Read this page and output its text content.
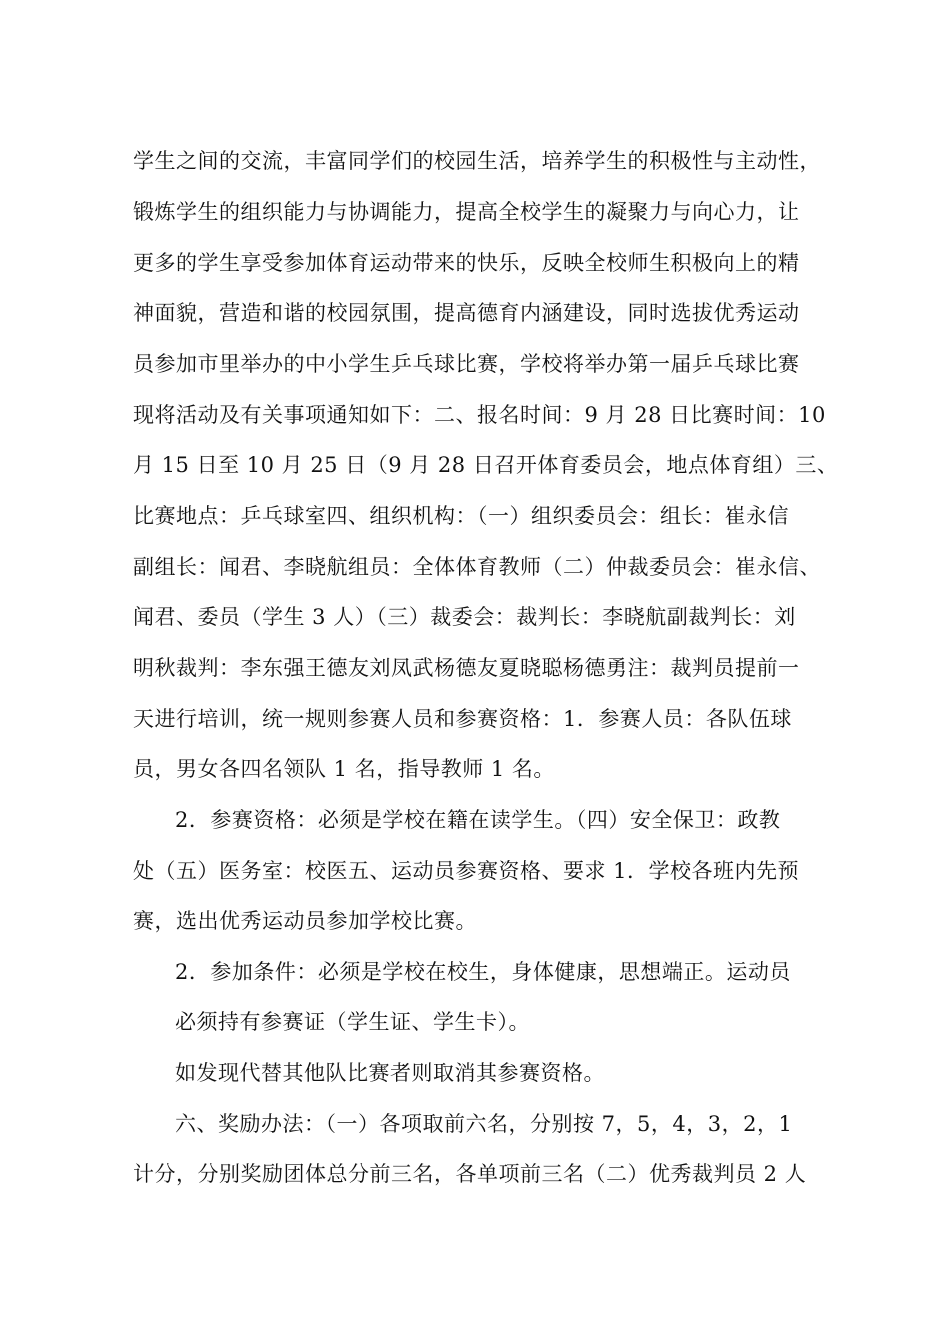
学生之间的交流，丰富同学们的校园生活，培养学生的积极性与主动性，
锻炼学生的组织能力与协调能力，提高全校学生的凝聚力与向心力，让
更多的学生享受参加体育运动带来的快乐，反映全校师生积极向上的精
神面貌，营造和谐的校园氛围，提高德育内涵建设，同时选拔优秀运动
员参加市里举办的中小学生乒乓球比赛，学校将举办第一届乒乓球比赛
现将活动及有关事项通知如下：二、报名时间：9 月 28 日比赛时间：10
月 15 日至 10 月 25 日（9 月 28 日召开体育委员会，地点体育组）三、
比赛地点：乒乓球室四、组织机构：（一）组织委员会：组长：崔永信
副组长：闻君、李晓航组员：全体体育教师（二）仲裁委员会：崔永信、
闻君、委员（学生 3 人）（三）裁委会：裁判长：李晓航副裁判长：刘
明秋裁判：李东强王德友刘凤武杨德友夏晓聪杨德勇注：裁判员提前一
天进行培训，统一规则参赛人员和参赛资格：1．参赛人员：各队伍球
员，男女各四名领队 1 名，指导教师 1 名。
2．参赛资格：必须是学校在籍在读学生。（四）安全保卫：政教
处（五）医务室：校医五、运动员参赛资格、要求 1．学校各班内先预
赛，选出优秀运动员参加学校比赛。
2．参加条件：必须是学校在校生，身体健康，思想端正。运动员
必须持有参赛证（学生证、学生卡）。
如发现代替其他队比赛者则取消其参赛资格。
六、奖励办法：（一）各项取前六名，分别按 7，5，4，3，2，1
计分，分别奖励团体总分前三名，各单项前三名（二）优秀裁判员 2 人
